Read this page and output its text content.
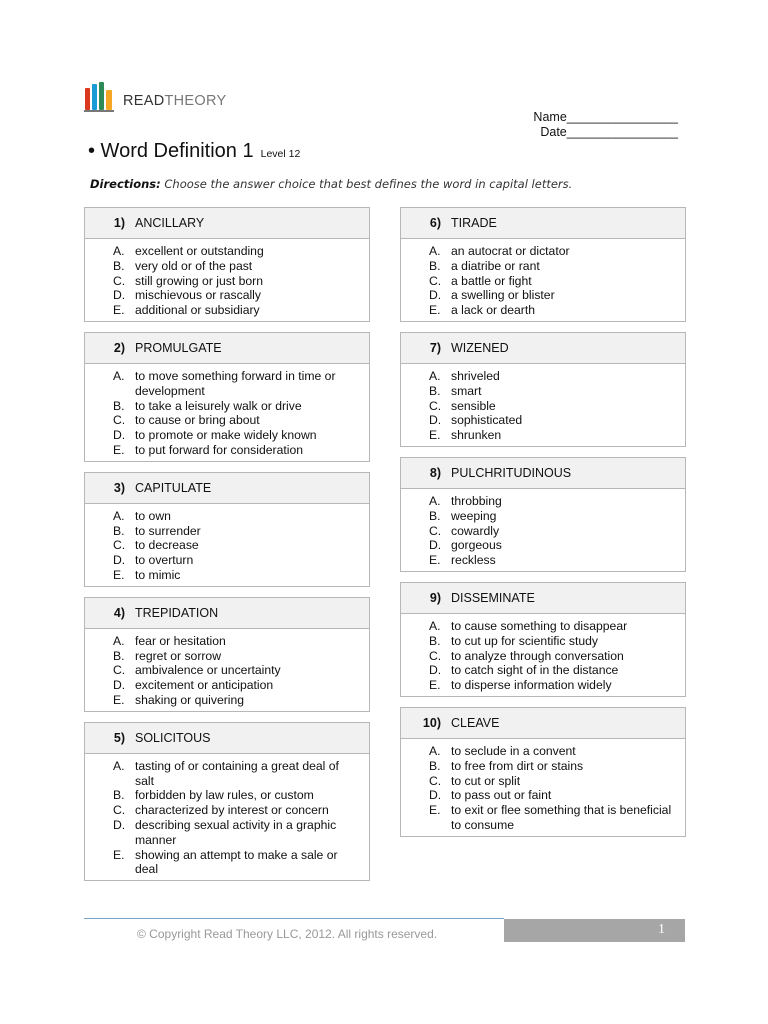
READTHEORY
Name________________
Date________________
• Word Definition 1 Level 12
Directions: Choose the answer choice that best defines the word in capital letters.
1) ANCILLARY
A. excellent or outstanding
B. very old or of the past
C. still growing or just born
D. mischievous or rascally
E. additional or subsidiary
2) PROMULGATE
A. to move something forward in time or development
B. to take a leisurely walk or drive
C. to cause or bring about
D. to promote or make widely known
E. to put forward for consideration
3) CAPITULATE
A. to own
B. to surrender
C. to decrease
D. to overturn
E. to mimic
4) TREPIDATION
A. fear or hesitation
B. regret or sorrow
C. ambivalence or uncertainty
D. excitement or anticipation
E. shaking or quivering
5) SOLICITOUS
A. tasting of or containing a great deal of salt
B. forbidden by law rules, or custom
C. characterized by interest or concern
D. describing sexual activity in a graphic manner
E. showing an attempt to make a sale or deal
6) TIRADE
A. an autocrat or dictator
B. a diatribe or rant
C. a battle or fight
D. a swelling or blister
E. a lack or dearth
7) WIZENED
A. shriveled
B. smart
C. sensible
D. sophisticated
E. shrunken
8) PULCHRITUDINOUS
A. throbbing
B. weeping
C. cowardly
D. gorgeous
E. reckless
9) DISSEMINATE
A. to cause something to disappear
B. to cut up for scientific study
C. to analyze through conversation
D. to catch sight of in the distance
E. to disperse information widely
10) CLEAVE
A. to seclude in a convent
B. to free from dirt or stains
C. to cut or split
D. to pass out or faint
E. to exit or flee something that is beneficial to consume
© Copyright Read Theory LLC, 2012. All rights reserved.	1
